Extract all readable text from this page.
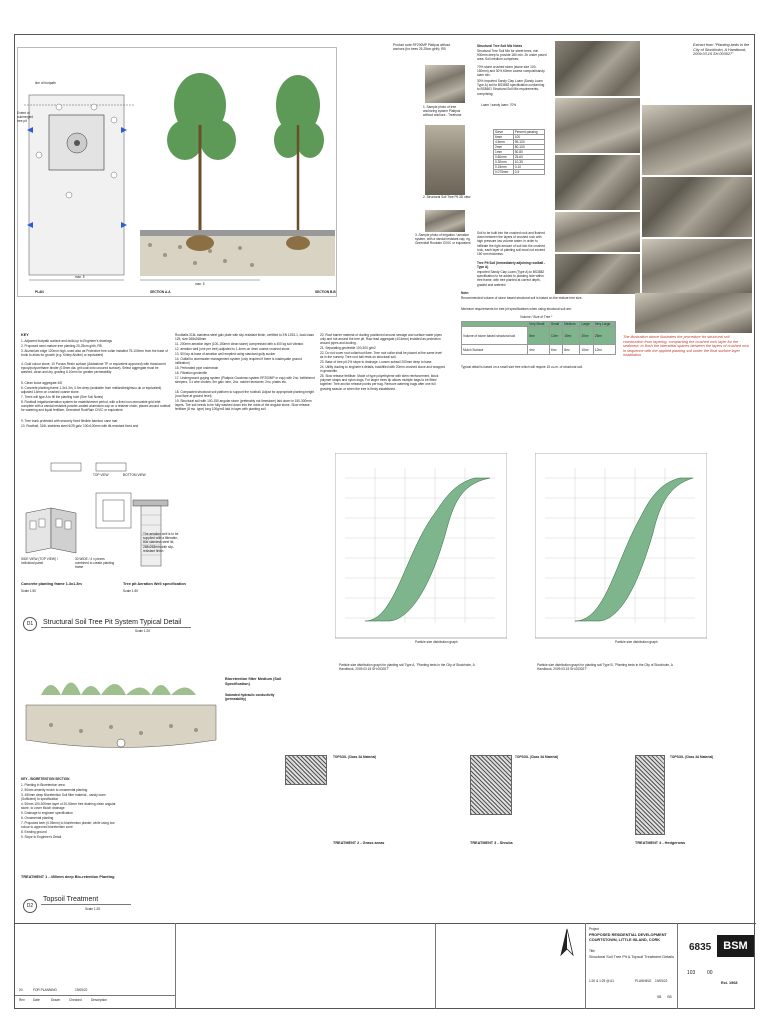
line of footpath
Extent of submerged tree pit
max. 5
PLAN
max. 5
SECTION A-A	SECTION B-B
Product code RF200MP Platipus without anchors (for trees 25-25cm girth). RB
1. Sample photo of tree anchoring system Platipus without anchors - Treehose
2. Structural Soil Tree Pit 3D view
3. Sample photo of irrigation / aeration system, with a vandal resistant cap, eg. Greenleaf Rootrain CIVIC or equivalent
Structural Tree Soil Mix Notes
Structural Tree Soil Mix for street trees, min 900mm deep to provide 180 min. 2b under paved area. Soil medium comprises:
70% stone crushed stone (stone size 100-150mm) and 30% 60mm coarse compost/sandy loam mix.
30% Imported Sandy Clay Loam (Sandy Loam Type A) soil to BS3882 specification conforming to BS8601 Structural Soil Mix requirements, comprising:
Loam / sandy loam: 70%
Sieve	Percent passing
6mm	100
4.5mm	95-100
2mm	80-100
1mm	50-80
0.60mm	25-60
0.30mm	10-35
0.15mm	0-10
0.075mm	0-5
Soil to be built into the crushed rock and flushed down between the layers of crushed rock with high pressure low volume water, in order to infiltrate the right amount of soil into the crushed rock, each layer of planting soil must not exceed 150 mm thickness.
Tree Pit Soil (Immediately adjoining rootball - Type A)
Imported Sandy Clay Loam (Type A) to BS3882 specification to be added to planting hole within tree frame, with tree planted at correct depth, graded and watered.
Extract from "Planting beds in the City of Stockholm, A Handbook, 2009.03.15 SH.003027"
KEY
1. Adjacent footpath surface and build-up to Engineer's drawings
2. Proposed semi-mature tree planting 20-25cm girth, RB
3. Aluminium edge 120mm high, used also as Protective tree collar installed 75-100mm from the base of trunk to allow for growth (e.g. Kinley Aluline) or equivalent)
4. Gold colour stone, 10 Porous Resin surface (Addastone TP or equivalent approved) with translucent epoxy/polyurethane binder (0.8mm dia. grit coat onto uncured surface). Select aggregate must be washed, clean and dry, grading 6-10mm for greater permeability
5. Clean loose aggregate 4/8
6. Concrete planting frame 1.3x1.3m, 0.5m deep (available from midlandheightsco.uk or equivalent) adjusted 14mm on crushed coarse stone.
7. Trees will type A to fill the planting hole (See Soil Notes)
8. Rootball irrigation/aeration system for establishment period, with a fixed non-removable grid inlet complete with a vandal resistant powder-coated aluminium cap on a retainer chain, placed around rootball for watering and liquid fertiliser, Greenleaf RootRain CIVIC or equivalent
9. Tree trunk protected with securely fixed flexible bamboo cane mat
10. Rootball, 316L stainless steel 6/25 galv, 100x100mm with tilt-resistant fixed and
Rootballs 316L stainless steel galv plate with slip-resistant finish, certified to EN 1253-1, load class 125, size 268x268mm
11. 200mm aeration layer (100-150mm clean stone) compressed with a 400 kg soil vibrator.
12. aeration well (one per tree) adjusted to 1-4mm on 4mm coarse crushed stone.
13. 50l top at base of aeration well emptied using standard gully sucker
14. Outfall to stormwater management system (only required if there is inadequate ground infiltration)
15. Perforated pipe underdrain
16. Filtration geotextile
17. Underground guying system (Platipus Goodman system RF200MP or equ) with 2no. kettlebend sleepers, 3 x wire chokes, 5m galv. wire, 2no. ratchet tensioner, 2no. plates etc.
18. Compacted structural soil platform to support the rootball. Adjust for appropriate planting height (root flare at ground level).
19. Structural soil with 100-150 angular stone (preferably not limestone) laid down in 150-300mm layers. The soil needs to be fully washed down into the voids of the angular stone. Slow release fertiliser (8 mo. type) long 100g/m3 laid in layer with planting soil
20. Root barrier material of ducting positioned around sewage and surface water pipes only and not around the tree pit. Raw lead aggregate (4/16mm) installed as protection around pipes and ducting.
21. Separating geotextile 100-300 g/m2
22. Do not cover root collar/root flare. Tree root collar shall be placed at the same level as in the nursery. Tree root ball rests on structural soil.
23. Base of tree pit 2% slope to drainage. Loosen subsoil 200mm deep to base.
24. Utility ducting to engineer's details, backfilled with 20mm crushed stone and wrapped in geotextile.
25. Slow release fertiliser. Mode of type polyethylene with stem reinforcement, block polymer straps and nylon dogs. For larger trees tip allows multiple bags to be fitted together. Tree anchor release points per bag. Remove watering bags after one full growing season or when the tree is firmly established.
Note:
Recommended volume of stone based structural soil is based on the mature tree size.
Minimum requirements for tree pit specifications when using structural soil are:
Volume / Size of Tree *
	Very Small	Small	Medium	Large	Very Large
Volume of stone based structural soil	8m³	12m³	15m³	20m³	25m³
Mulch Surface	4m²	6m²	8m²	10m²	12m²
Typical detail is based on a small size tree which will require 15 cu.m. of structural soil.
The illustration above illustrates the procedure for structural soil construction from layering, compacting the crushed rock layer for the sediment; to flush the interstitial spaces between the layers of crushed rock in sequence with the applied planting soil under the final surface layer installation
TOP VIEW	BOTTOM VIEW
SIDE VIEW (TOP VIEW) / Individual panel
30 WIDE / 4 x pieces combined to create planting frame
Concrete planting frame 1.3x1.3m
Scale 1:50
The aeration well is to be supplied with a filterable, 80d stainless steel lid, 268x268mm with slip-resistant finish
Tree pit Aeration Well specification
Scale 1:50
Particle size distribution graph	Particle size distribution graph
D1	Structural Soil Tree Pit System Typical Detail
Scale 1:20
Bioretention filter Medium (Soil Specification)
Saturated hydraulic conductivity (permeability)
KEY - BIORETENTION SECTION
1. Planting in Bioretention area
2. 50mm amenity mulch to ornamental planting
3. 450mm deep Bioretention Soil filter material - sandy loam (Sufficient) to specification
4. 50mm 100-300mm layer of 20-50mm free draining clean angular stone, to cover Mulch drainage
5. Drainage to engineer specification
6. Ornamental planting
7. Proposed kerb (0.05mm) to bioretention planter, while using low colour to approved bioretention zone
8. Existing ground
9. Slope to Engineer's Detail
TREATMENT 1 - 450mm deep Bio-retention Planting
D2
Topsoil Treatment
Scale 1:25
Particle size distribution graph for planting soil Type A, "Planting beds in the City of Stockholm, A Handbook, 2009.03.15 SH.003027"
Particle size distribution graph for planting soil Type B, "Planting beds in the City of Stockholm, A Handbook, 2009.03.15 SH.003027"
TOPSOIL (Class 3A Material)
TREATMENT 2 - Grass areas
TOPSOIL (Class 3A Material)
TREATMENT 3 - Shrubs
TOPSOIL (Class 3A Material)
TREATMENT 4 - Hedgerows
00	FOR PLANNING	19/05/22
Rev	Date	Drawn	Checked	Description
Project
PROPOSED RESIDENTIAL DEVELOPMENT COURTSTOWN, LITTLE ISLAND, CORK
Title
Structural Soil Tree Pit & Topsoil Treatment Details
1:20 & 1:25 @ A1	PLANNING 19/05/22
SB GB
6835
103 00
BSM
Est. 1968
